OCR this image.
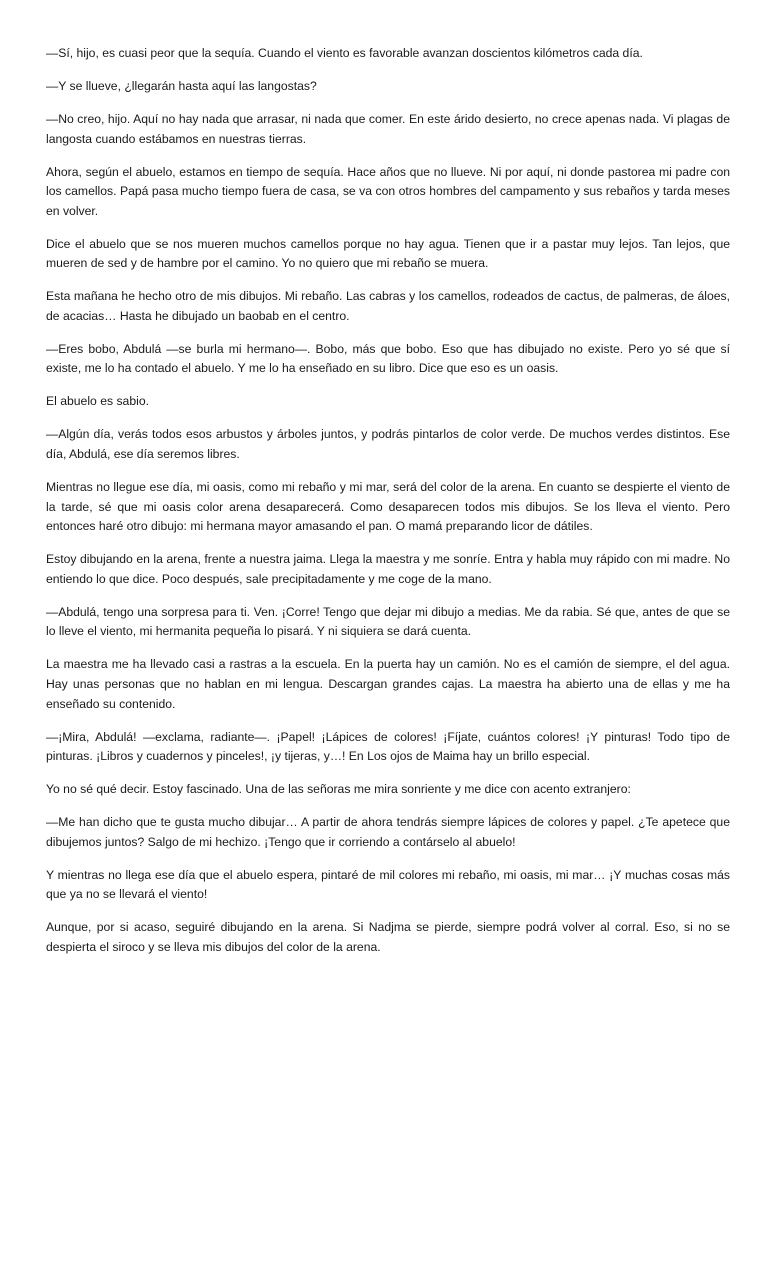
—Sí, hijo, es cuasi peor que la sequía. Cuando el viento es favorable avanzan doscientos kilómetros cada día.

—Y se llueve, ¿llegarán hasta aquí las langostas?

—No creo, hijo. Aquí no hay nada que arrasar, ni nada que comer. En este árido desierto, no crece apenas nada. Vi plagas de langosta cuando estábamos en nuestras tierras.

Ahora, según el abuelo, estamos en tiempo de sequía. Hace años que no llueve. Ni por aquí, ni donde pastorea mi padre con los camellos. Papá pasa mucho tiempo fuera de casa, se va con otros hombres del campamento y sus rebaños y tarda meses en volver.

Dice el abuelo que se nos mueren muchos camellos porque no hay agua. Tienen que ir a pastar muy lejos. Tan lejos, que mueren de sed y de hambre por el camino. Yo no quiero que mi rebaño se muera.

Esta mañana he hecho otro de mis dibujos. Mi rebaño. Las cabras y los camellos, rodeados de cactus, de palmeras, de áloes, de acacias… Hasta he dibujado un baobab en el centro.

—Eres bobo, Abdulá —se burla mi hermano—. Bobo, más que bobo. Eso que has dibujado no existe. Pero yo sé que sí existe, me lo ha contado el abuelo. Y me lo ha enseñado en su libro. Dice que eso es un oasis.

El abuelo es sabio.

—Algún día, verás todos esos arbustos y árboles juntos, y podrás pintarlos de color verde. De muchos verdes distintos. Ese día, Abdulá, ese día seremos libres.

Mientras no llegue ese día, mi oasis, como mi rebaño y mi mar, será del color de la arena. En cuanto se despierte el viento de la tarde, sé que mi oasis color arena desaparecerá. Como desaparecen todos mis dibujos. Se los lleva el viento. Pero entonces haré otro dibujo: mi hermana mayor amasando el pan. O mamá preparando licor de dátiles.

Estoy dibujando en la arena, frente a nuestra jaima. Llega la maestra y me sonríe. Entra y habla muy rápido con mi madre. No entiendo lo que dice. Poco después, sale precipitadamente y me coge de la mano.

—Abdulá, tengo una sorpresa para ti. Ven. ¡Corre! Tengo que dejar mi dibujo a medias. Me da rabia. Sé que, antes de que se lo lleve el viento, mi hermanita pequeña lo pisará. Y ni siquiera se dará cuenta.

La maestra me ha llevado casi a rastras a la escuela. En la puerta hay un camión. No es el camión de siempre, el del agua. Hay unas personas que no hablan en mi lengua. Descargan grandes cajas. La maestra ha abierto una de ellas y me ha enseñado su contenido.

—¡Mira, Abdulá! —exclama, radiante—. ¡Papel! ¡Lápices de colores! ¡Fíjate, cuántos colores! ¡Y pinturas! Todo tipo de pinturas. ¡Libros y cuadernos y pinceles!, ¡y tijeras, y…! En Los ojos de Maima hay un brillo especial.

Yo no sé qué decir. Estoy fascinado. Una de las señoras me mira sonriente y me dice con acento extranjero:

—Me han dicho que te gusta mucho dibujar… A partir de ahora tendrás siempre lápices de colores y papel. ¿Te apetece que dibujemos juntos? Salgo de mi hechizo. ¡Tengo que ir corriendo a contárselo al abuelo!

Y mientras no llega ese día que el abuelo espera, pintaré de mil colores mi rebaño, mi oasis, mi mar… ¡Y muchas cosas más que ya no se llevará el viento!

Aunque, por si acaso, seguiré dibujando en la arena. Si Nadjma se pierde, siempre podrá volver al corral. Eso, si no se despierta el siroco y se lleva mis dibujos del color de la arena.
